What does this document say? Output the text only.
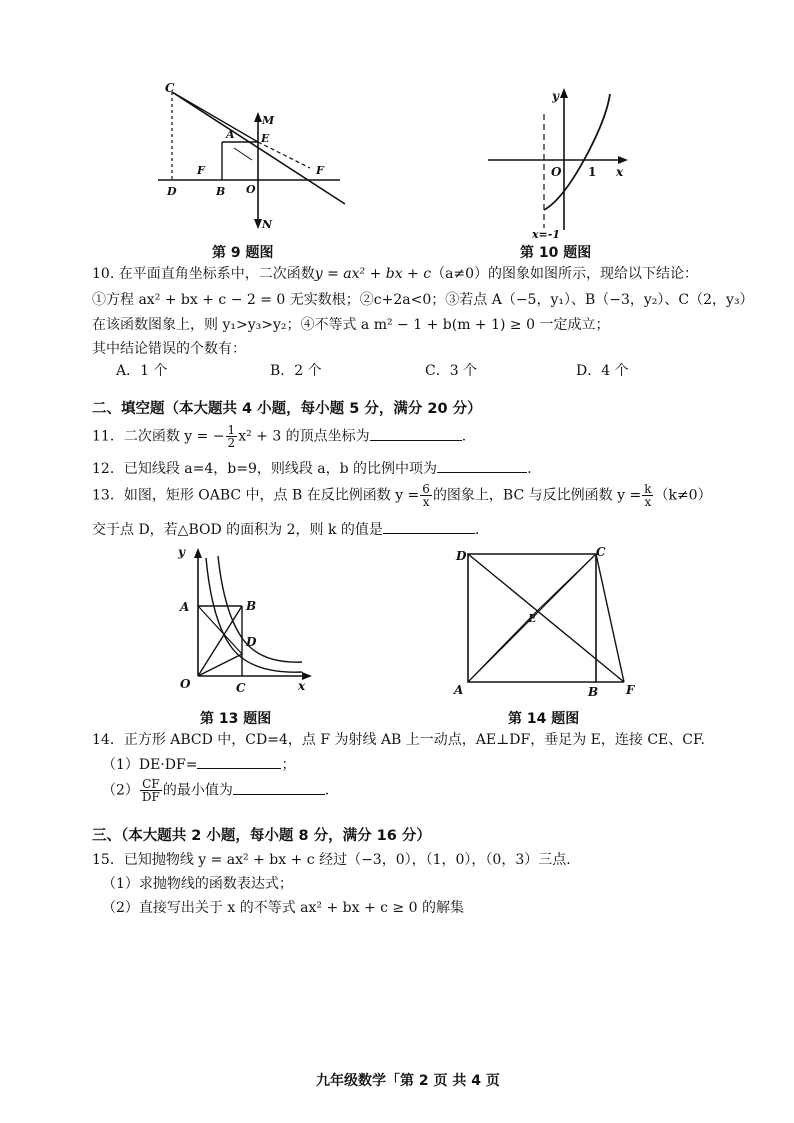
C
A
M
E
F	F
D	B O
N
第 9 题图
y
O 1 x
x=-1
第 10 题图
10. 在平面直角坐标系中，二次函数y = ax² + bx + c（a≠0）的图象如图所示，现给以下结论：
①方程 ax² + bx + c − 2 = 0 无实数根；②c+2a<0；③若点 A（−5，y₁）、B（−3，y₂）、C（2，y₃）
在该函数图象上，则 y₁>y₃>y₂；④不等式 a m² − 1 + b(m + 1) ≥ 0 一定成立；
其中结论错误的个数有：
A．1 个	B．2 个	C．3 个	D．4 个
二、填空题（本大题共 4 小题，每小题 5 分，满分 20 分）
11．二次函数 y = − $\frac{1}{2} x^2 + 3$ 的顶点坐标为	.
12．已知线段 a=4，b=9，则线段 a，b 的比例中项为	.
13．如图，矩形 OABC 中，点 B 在反比例函数 $y = \frac{6}{x}$ 的图象上，BC 与反比例函数 $y = \frac{k}{x} (k\ne 0)$
交于点 D，若△BOD 的面积为 2，则 k 的值是	.
y
A	B
D
O	C	x
第 13 题图
D	C
E
A	B F
第 14 题图
14．正方形 ABCD 中，CD=4，点 F 为射线 AB 上一动点，AE⊥DF，垂足为 E，连接 CE、CF.
（1）DE·DF=	；
$(2) \frac{CF}{DF}$ 的最小值为	.
三、（本大题共 2 小题，每小题 8 分，满分 16 分）
15．已知抛物线 y = ax² + bx + c 经过（−3，0），（1，0），（0，3）三点.
（1）求抛物线的函数表达式；
（2）直接写出关于 x 的不等式 ax² + bx + c ≥ 0 的解集
九年级数学「第 2 页 共 4 页
